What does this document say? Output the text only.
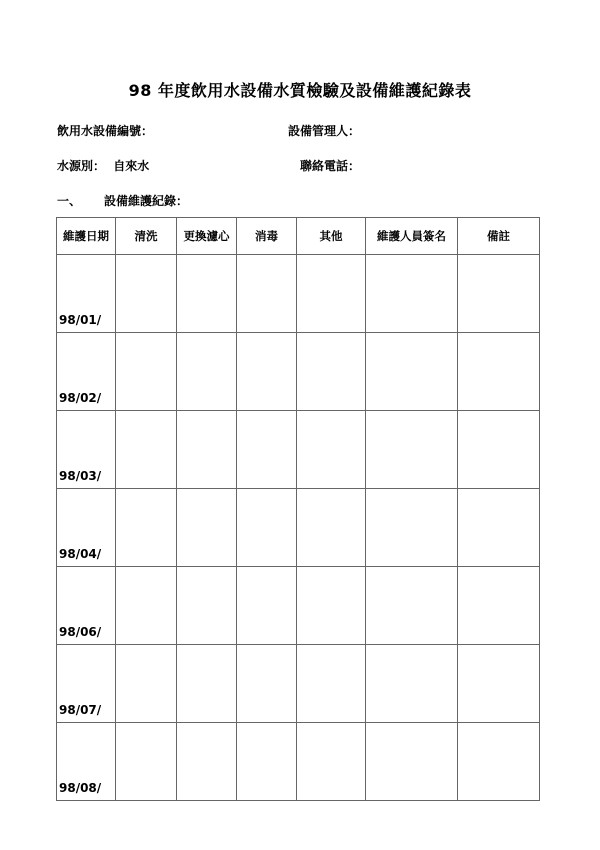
98 年度飲用水設備水質檢驗及設備維護紀錄表
飲用水設備編號：	設備管理人：
水源別： 自來水	聯絡電話：
一、 設備維護紀錄：
維護日期	清洗	更換濾心	消毒	其他	維護人員簽名	備註
98/01/						
98/02/						
98/03/						
98/04/						
98/06/						
98/07/						
98/08/						
